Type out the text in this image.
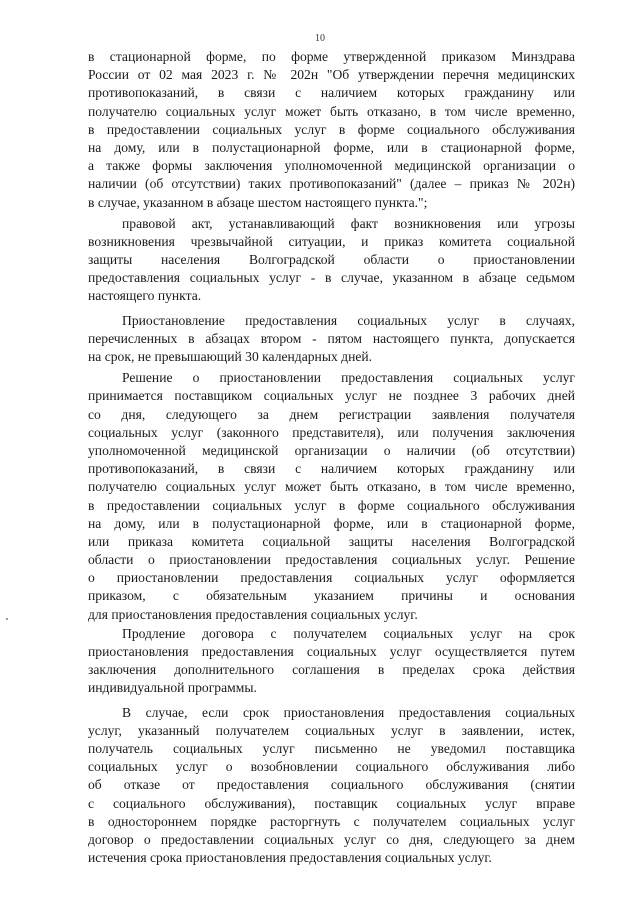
10
в стационарной форме, по форме утвержденной приказом Минздрава
России от 02 мая 2023 г. № 202н "Об утверждении перечня медицинских
противопоказаний, в связи с наличием которых гражданину или
получателю социальных услуг может быть отказано, в том числе временно,
в предоставлении социальных услуг в форме социального обслуживания
на дому, или в полустационарной форме, или в стационарной форме,
а также формы заключения уполномоченной медицинской организации о
наличии (об отсутствии) таких противопоказаний" (далее – приказ № 202н)
в случае, указанном в абзаце шестом настоящего пункта.";
правовой акт, устанавливающий факт возникновения или угрозы
возникновения чрезвычайной ситуации, и приказ комитета социальной
защиты населения Волгоградской области о приостановлении
предоставления социальных услуг - в случае, указанном в абзаце седьмом
настоящего пункта.
Приостановление предоставления социальных услуг в случаях,
перечисленных в абзацах втором - пятом настоящего пункта, допускается
на срок, не превышающий 30 календарных дней.
Решение о приостановлении предоставления социальных услуг
принимается поставщиком социальных услуг не позднее 3 рабочих дней
со дня, следующего за днем регистрации заявления получателя
социальных услуг (законного представителя), или получения заключения
уполномоченной медицинской организации о наличии (об отсутствии)
противопоказаний, в связи с наличием которых гражданину или
получателю социальных услуг может быть отказано, в том числе временно,
в предоставлении социальных услуг в форме социального обслуживания
на дому, или в полустационарной форме, или в стационарной форме,
или приказа комитета социальной защиты населения Волгоградской
области о приостановлении предоставления социальных услуг. Решение
о приостановлении предоставления социальных услуг оформляется
приказом, с обязательным указанием причины и основания
для приостановления предоставления социальных услуг.
Продление договора с получателем социальных услуг на срок
приостановления предоставления социальных услуг осуществляется путем
заключения дополнительного соглашения в пределах срока действия
индивидуальной программы.
В случае, если срок приостановления предоставления социальных
услуг, указанный получателем социальных услуг в заявлении, истек,
получатель социальных услуг письменно не уведомил поставщика
социальных услуг о возобновлении социального обслуживания либо
об отказе от предоставления социального обслуживания (снятии
с социального обслуживания), поставщик социальных услуг вправе
в одностороннем порядке расторгнуть с получателем социальных услуг
договор о предоставлении социальных услуг со дня, следующего за днем
истечения срока приостановления предоставления социальных услуг.
